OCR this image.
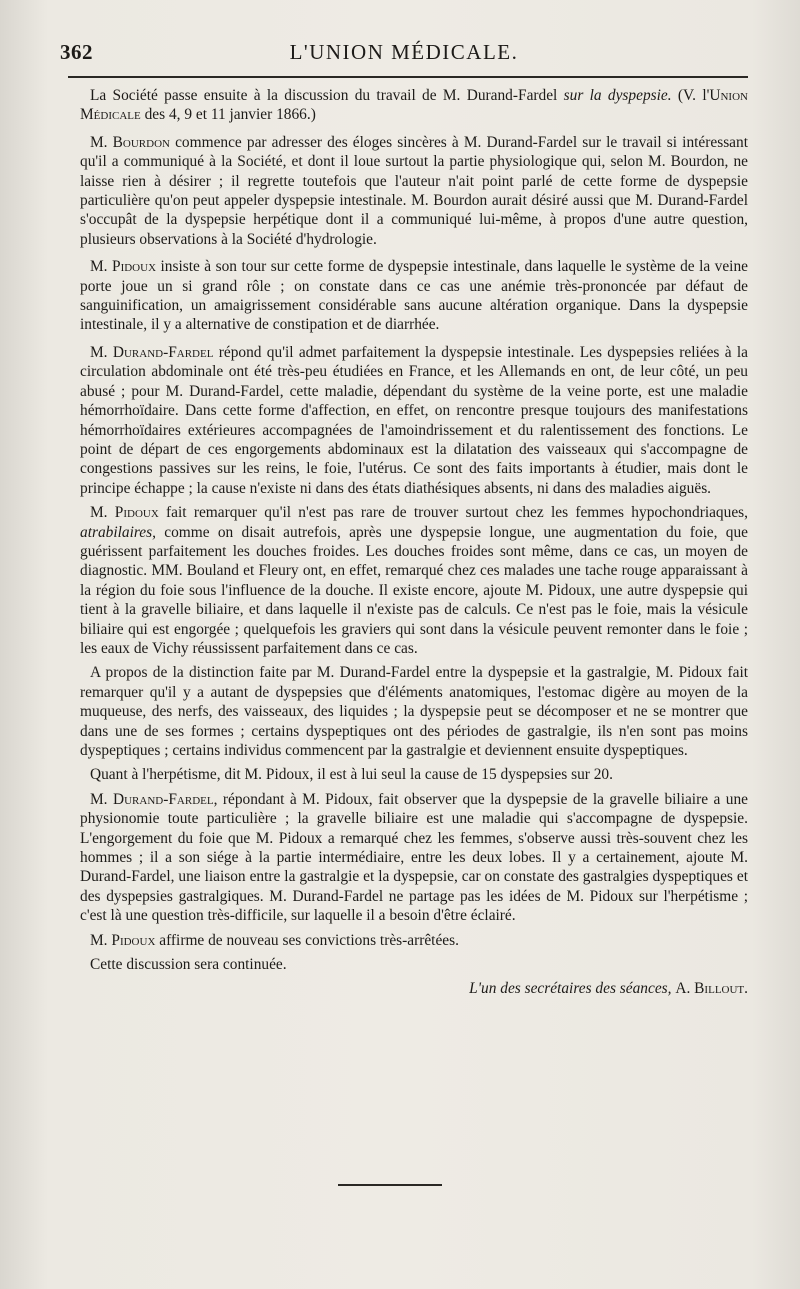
362	L'UNION MÉDICALE.

La Société passe ensuite à la discussion du travail de M. Durand-Fardel sur la dyspepsie. (V. l'Union Médicale des 4, 9 et 11 janvier 1866.)

M. Bourdon commence par adresser des éloges sincères à M. Durand-Fardel sur le travail si intéressant qu'il a communiqué à la Société, et dont il loue surtout la partie physiologique qui, selon M. Bourdon, ne laisse rien à désirer ; il regrette toutefois que l'auteur n'ait point parlé de cette forme de dyspepsie particulière qu'on peut appeler dyspepsie intestinale. M. Bourdon aurait désiré aussi que M. Durand-Fardel s'occupât de la dyspepsie herpétique dont il a communiqué lui-même, à propos d'une autre question, plusieurs observations à la Société d'hydrologie.

M. Pidoux insiste à son tour sur cette forme de dyspepsie intestinale, dans laquelle le système de la veine porte joue un si grand rôle ; on constate dans ce cas une anémie très-prononcée par défaut de sanguinification, un amaigrissement considérable sans aucune altération organique. Dans la dyspepsie intestinale, il y a alternative de constipation et de diarrhée.

M. Durand-Fardel répond qu'il admet parfaitement la dyspepsie intestinale. Les dyspepsies reliées à la circulation abdominale ont été très-peu étudiées en France, et les Allemands en ont, de leur côté, un peu abusé ; pour M. Durand-Fardel, cette maladie, dépendant du système de la veine porte, est une maladie hémorrhoïdaire. Dans cette forme d'affection, en effet, on rencontre presque toujours des manifestations hémorrhoïdaires extérieures accompagnées de l'amoindrissement et du ralentissement des fonctions. Le point de départ de ces engorgements abdominaux est la dilatation des vaisseaux qui s'accompagne de congestions passives sur les reins, le foie, l'utérus. Ce sont des faits importants à étudier, mais dont le principe échappe ; la cause n'existe ni dans des états diathésiques absents, ni dans des maladies aiguës.

M. Pidoux fait remarquer qu'il n'est pas rare de trouver surtout chez les femmes hypochondriaques, atrabilaires, comme on disait autrefois, après une dyspepsie longue, une augmentation du foie, que guérissent parfaitement les douches froides. Les douches froides sont même, dans ce cas, un moyen de diagnostic. MM. Bouland et Fleury ont, en effet, remarqué chez ces malades une tache rouge apparaissant à la région du foie sous l'influence de la douche. Il existe encore, ajoute M. Pidoux, une autre dyspepsie qui tient à la gravelle biliaire, et dans laquelle il n'existe pas de calculs. Ce n'est pas le foie, mais la vésicule biliaire qui est engorgée ; quelquefois les graviers qui sont dans la vésicule peuvent remonter dans le foie ; les eaux de Vichy réussissent parfaitement dans ce cas.

A propos de la distinction faite par M. Durand-Fardel entre la dyspepsie et la gastralgie, M. Pidoux fait remarquer qu'il y a autant de dyspepsies que d'éléments anatomiques, l'estomac digère au moyen de la muqueuse, des nerfs, des vaisseaux, des liquides ; la dyspepsie peut se décomposer et ne se montrer que dans une de ses formes ; certains dyspeptiques ont des périodes de gastralgie, ils n'en sont pas moins dyspeptiques ; certains individus commencent par la gastralgie et deviennent ensuite dyspeptiques.

Quant à l'herpétisme, dit M. Pidoux, il est à lui seul la cause de 15 dyspepsies sur 20.

M. Durand-Fardel, répondant à M. Pidoux, fait observer que la dyspepsie de la gravelle biliaire a une physionomie toute particulière ; la gravelle biliaire est une maladie qui s'accompagne de dyspepsie. L'engorgement du foie que M. Pidoux a remarqué chez les femmes, s'observe aussi très-souvent chez les hommes ; il a son siége à la partie intermédiaire, entre les deux lobes. Il y a certainement, ajoute M. Durand-Fardel, une liaison entre la gastralgie et la dyspepsie, car on constate des gastralgies dyspeptiques et des dyspepsies gastralgiques. M. Durand-Fardel ne partage pas les idées de M. Pidoux sur l'herpétisme ; c'est là une question très-difficile, sur laquelle il a besoin d'être éclairé.

M. Pidoux affirme de nouveau ses convictions très-arrêtées.

Cette discussion sera continuée.

L'un des secrétaires des séances, A. Billout.
